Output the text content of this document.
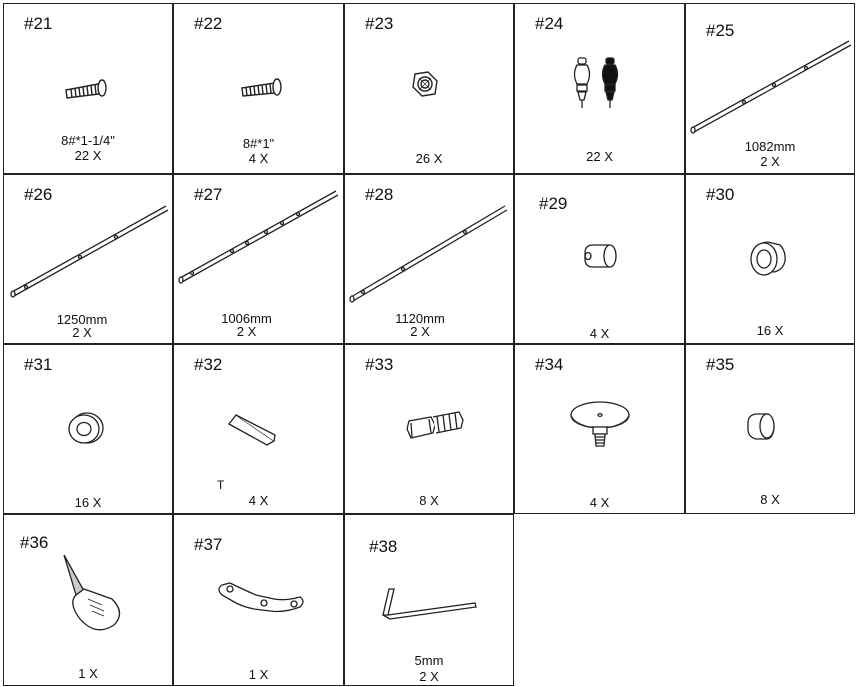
#21
8#*1-1/4"
22 X
#22
8#*1"
4 X
#23
26 X
#24
22 X
#25
1082mm
2 X
#26
1250mm
2 X
#27
1006mm
2 X
#28
1120mm
2 X
#29
4 X
#30
16 X
#31
16 X
#32
T
4 X
#33
8 X
#34
4 X
#35
8 X
#36
1 X
#37
1 X
#38
5mm
2 X
